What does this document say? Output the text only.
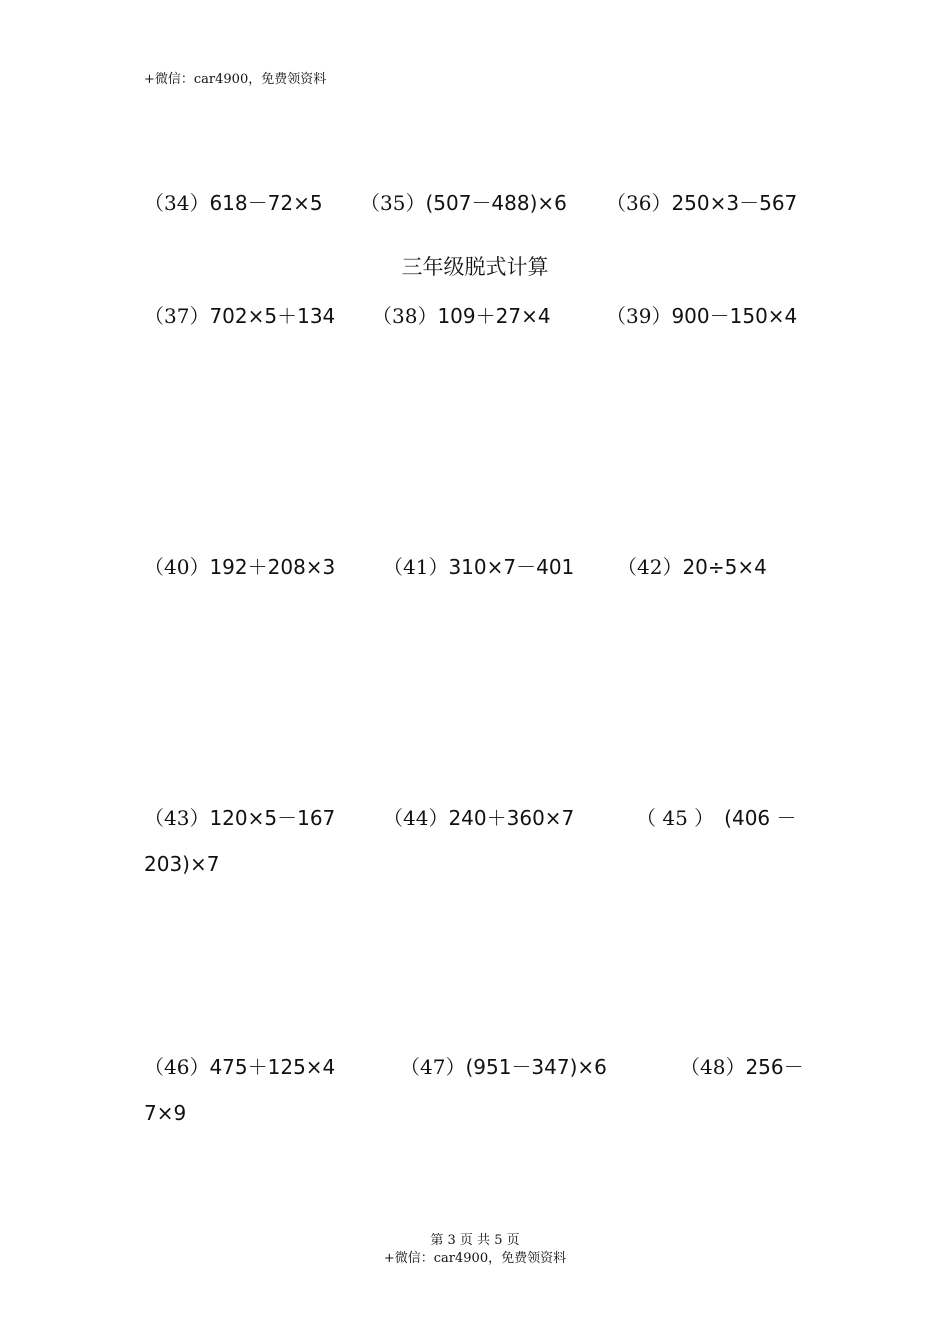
+微信：car4900，免费领资料
（34）618－72×5 （35）(507－488)×6 （36）250×3－567
三年级脱式计算
（37）702×5＋134 （38）109＋27×4	（39）900－150×4
（40）192＋208×3 （41）310×7－401 （42）20÷5×4
（43）120×5－167 （44）240＋360×7	（ 45 ） (406 －
203)×7
（46）475＋125×4	（47）(951－347)×6	（48）256－
7×9
第 3 页 共 5 页
+微信：car4900，免费领资料
